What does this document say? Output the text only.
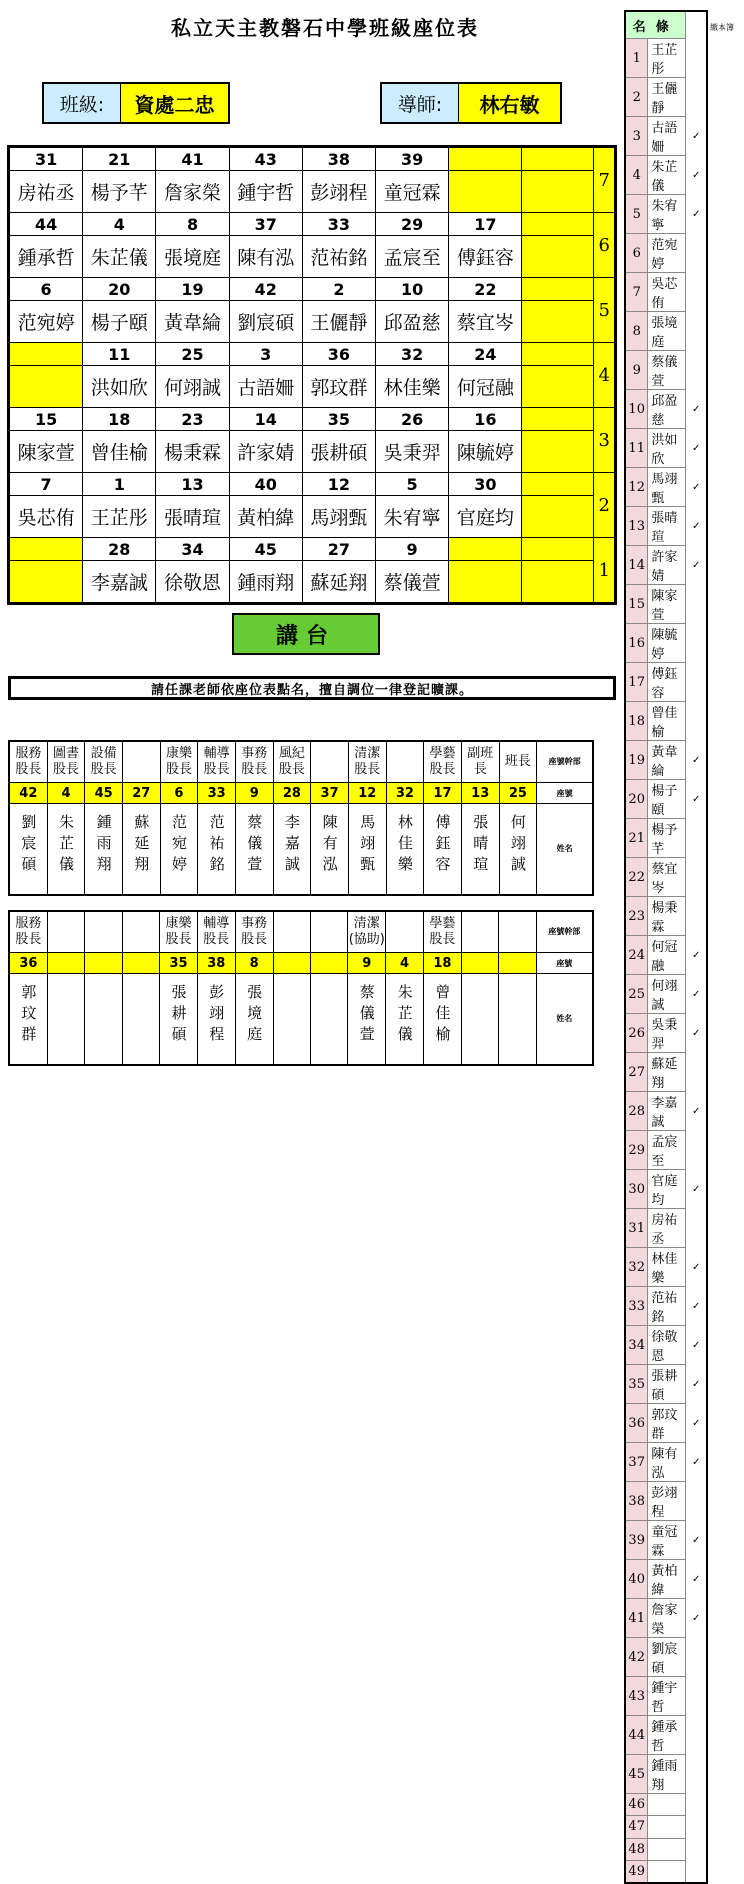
私立天主教磐石中學班級座位表
班級:	資處二忠	導師:	林右敏
31	21	41	43	38	39			7
房祐丞	楊予芊	詹家榮	鍾宇哲	彭翊程	童冠霖			
44	4	8	37	33	29	17		6
鍾承哲	朱芷儀	張境庭	陳有泓	范祐銘	孟宸至	傅鈺容		
6	20	19	42	2	10	22		5
范宛婷	楊子頤	黃韋綸	劉宸碩	王儷靜	邱盈慈	蔡宜岑		
	11	25	3	36	32	24		4
	洪如欣	何翊誠	古語姍	郭玟群	林佳樂	何冠融		
15	18	23	14	35	26	16		3
陳家萱	曾佳榆	楊秉霖	許家婧	張耕碩	吳秉羿	陳毓婷		
7	1	13	40	12	5	30		2
吳芯侑	王芷彤	張晴瑄	黃柏緯	馬翊甄	朱宥寧	官庭均		
	28	34	45	27	9			1
	李嘉誠	徐敬恩	鍾雨翔	蘇延翔	蔡儀萱			
講台
請任課老師依座位表點名，擅自調位一律登記曠課。
服務股長	圖書股長	設備股長		康樂股長	輔導股長	事務股長	風紀股長		清潔股長		學藝股長	副班長	班長	座號幹部
42	4	45	27	6	33	9	28	37	12	32	17	13	25	座號
劉宸碩	朱芷儀	鍾雨翔	蘇延翔	范宛婷	范祐銘	蔡儀萱	李嘉誠	陳有泓	馬翊甄	林佳樂	傅鈺容	張晴瑄	何翊誠	姓名
服務股長				康樂股長	輔導股長	事務股長			清潔(協助)		學藝股長			座號幹部
36				35	38	8			9	4	18			座號
郭玟群				張耕碩	彭翊程	張境庭			蔡儀萱	朱芷儀	曾佳榆			姓名
名條		
1	王芷彤	
2	王儷靜	
3	古語姍	✓
4	朱芷儀	✓
5	朱宥寧	✓
6	范宛婷	
7	吳芯侑	
8	張境庭	
9	蔡儀萱	
10	邱盈慈	✓
11	洪如欣	✓
12	馬翊甄	✓
13	張晴瑄	✓
14	許家婧	✓
15	陳家萱	
16	陳毓婷	
17	傅鈺容	
18	曾佳榆	
19	黃韋綸	✓
20	楊子頤	✓
21	楊予芊	
22	蔡宜岑	
23	楊秉霖	
24	何冠融	✓
25	何翊誠	✓
26	吳秉羿	✓
27	蘇延翔	
28	李嘉誠	✓
29	孟宸至	
30	官庭均	✓
31	房祐丞	
32	林佳樂	✓
33	范祐銘	✓
34	徐敬恩	✓
35	張耕碩	✓
36	郭玟群	✓
37	陳有泓	✓
38	彭翊程	
39	童冠霖	✓
40	黃柏緯	✓
41	詹家榮	✓
42	劉宸碩	
43	鍾宇哲	
44	鍾承哲	
45	鍾雨翔	
46		
47		
48		
49		
繳本簿
